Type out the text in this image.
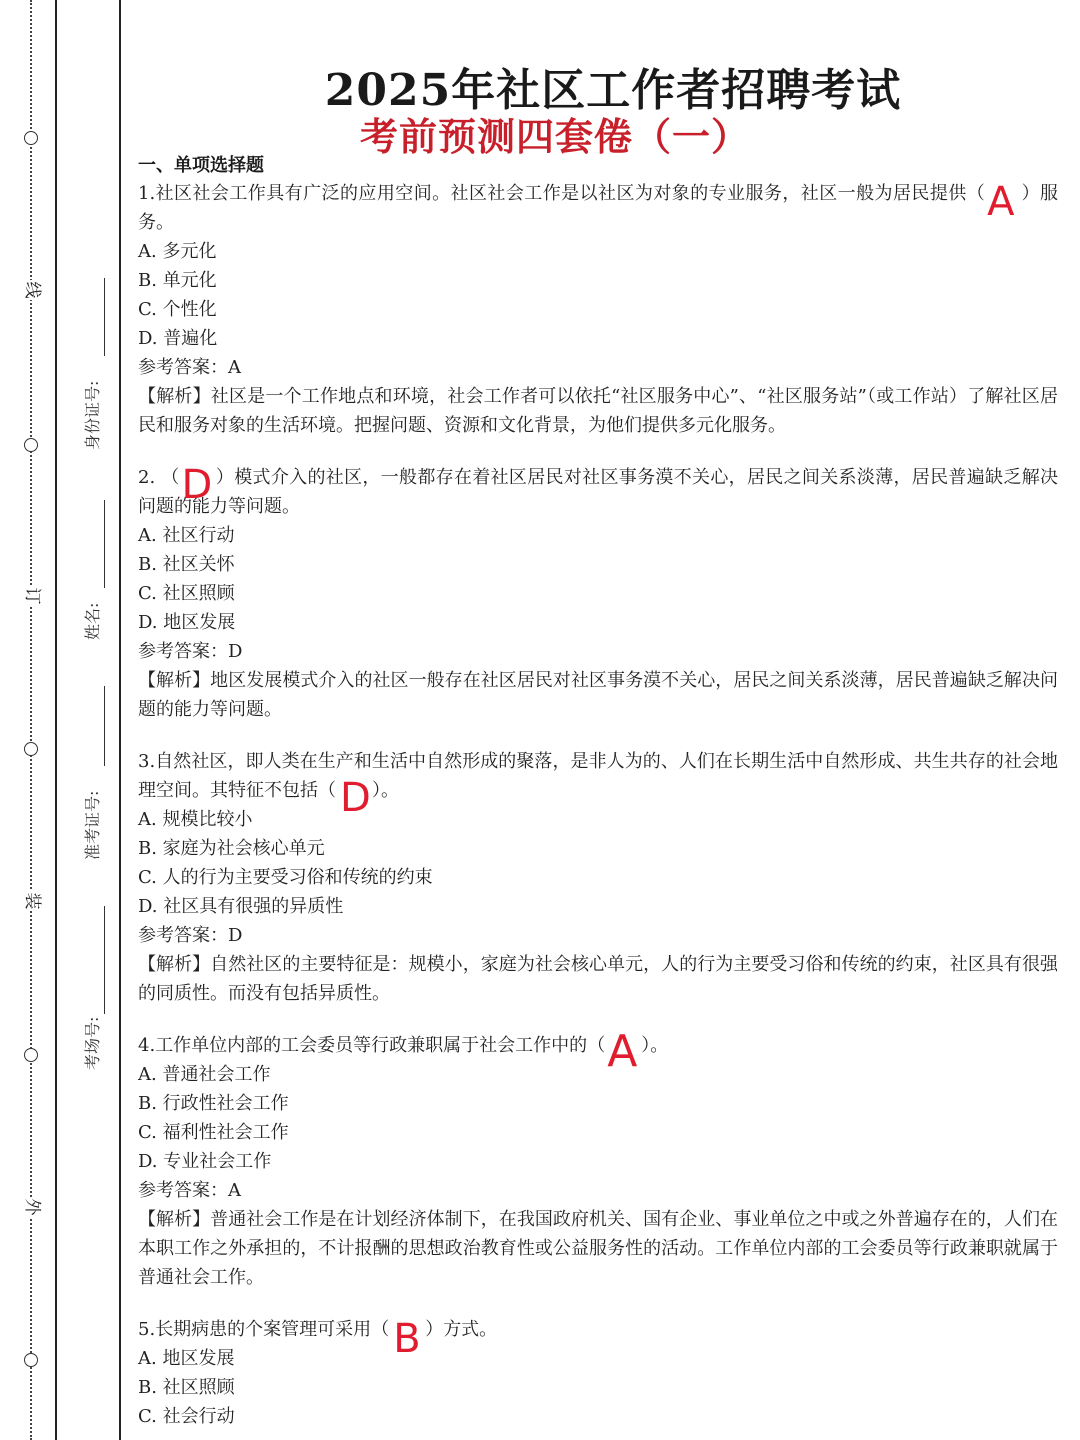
线
订
装
外
身份证号:
姓名:
准考证号:
考场号:
2025年社区工作者招聘考试
考前预测四套倦（一）
一、单项选择题

1.社区社会工作具有广泛的应用空间。社区社会工作是以社区为对象的专业服务，社区一般为居民提供（ A ）服务。

A. 多元化
B. 单元化
C. 个性化
D. 普遍化
参考答案：A

【解析】社区是一个工作地点和环境，社会工作者可以依托“社区服务中心”、“社区服务站”（或工作站）了解社区居民和服务对象的生活环境。把握问题、资源和文化背景，为他们提供多元化服务。

2. （ D ）模式介入的社区，一般都存在着社区居民对社区事务漠不关心，居民之间关系淡薄，居民普遍缺乏解决问题的能力等问题。

A. 社区行动
B. 社区关怀
C. 社区照顾
D. 地区发展
参考答案：D

【解析】地区发展模式介入的社区一般存在社区居民对社区事务漠不关心，居民之间关系淡薄，居民普遍缺乏解决问题的能力等问题。

3.自然社区，即人类在生产和生活中自然形成的聚落，是非人为的、人们在长期生活中自然形成、共生共存的社会地理空间。其特征不包括（ D ）。

A. 规模比较小
B. 家庭为社会核心单元
C. 人的行为主要受习俗和传统的约束
D. 社区具有很强的异质性
参考答案：D

【解析】自然社区的主要特征是：规模小，家庭为社会核心单元，人的行为主要受习俗和传统的约束，社区具有很强的同质性。而没有包括异质性。

4.工作单位内部的工会委员等行政兼职属于社会工作中的（ A ）。

A. 普通社会工作
B. 行政性社会工作
C. 福利性社会工作
D. 专业社会工作
参考答案：A

【解析】普通社会工作是在计划经济体制下，在我国政府机关、国有企业、事业单位之中或之外普遍存在的，人们在本职工作之外承担的，不计报酬的思想政治教育性或公益服务性的活动。工作单位内部的工会委员等行政兼职就属于普通社会工作。

5.长期病患的个案管理可采用（ B ）方式。

A. 地区发展
B. 社区照顾
C. 社会行动
